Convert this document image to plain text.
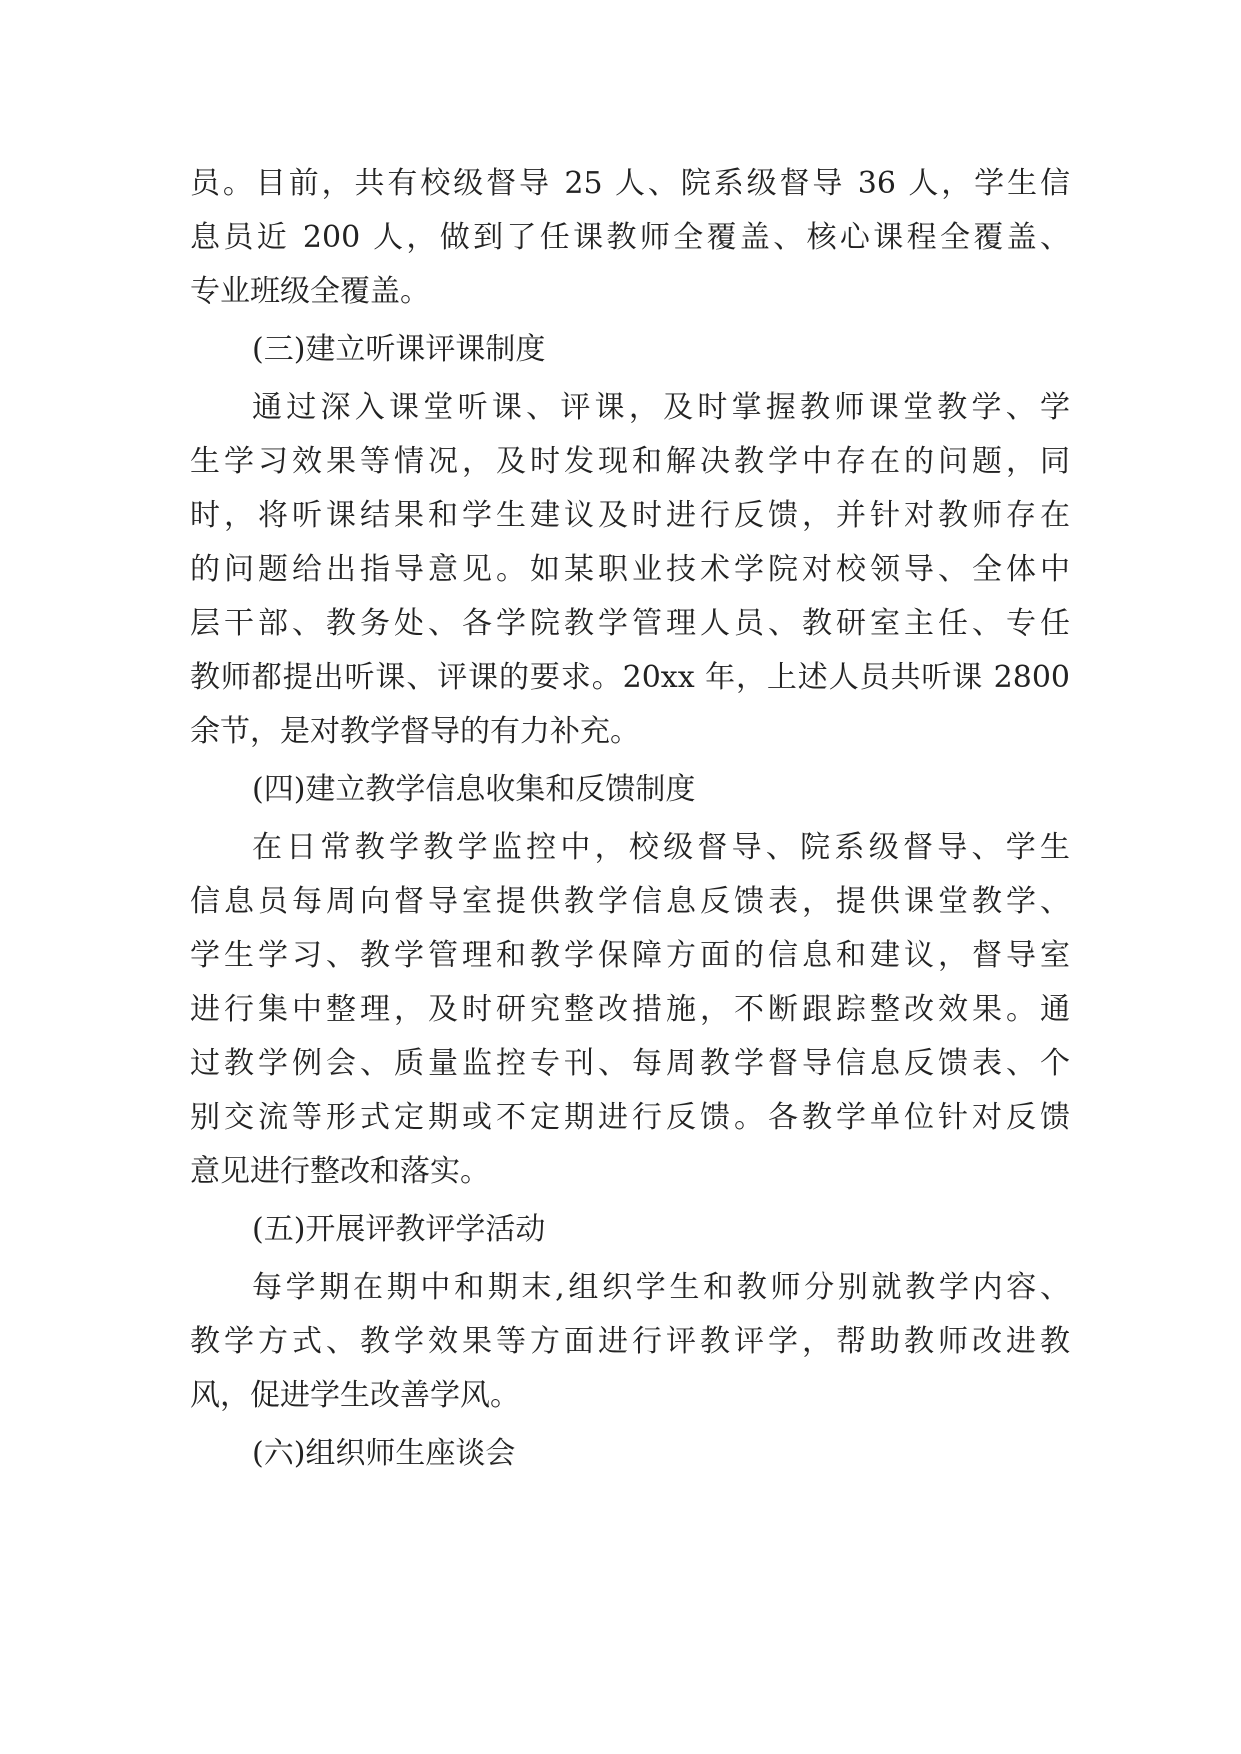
员。目前，共有校级督导 25 人、院系级督导 36 人，学生信
息员近 200 人，做到了任课教师全覆盖、核心课程全覆盖、
专业班级全覆盖。
(三)建立听课评课制度
通过深入课堂听课、评课，及时掌握教师课堂教学、学
生学习效果等情况，及时发现和解决教学中存在的问题，同
时，将听课结果和学生建议及时进行反馈，并针对教师存在
的问题给出指导意见。如某职业技术学院对校领导、全体中
层干部、教务处、各学院教学管理人员、教研室主任、专任
教师都提出听课、评课的要求。20xx 年，上述人员共听课 2800
余节，是对教学督导的有力补充。
(四)建立教学信息收集和反馈制度
在日常教学教学监控中，校级督导、院系级督导、学生
信息员每周向督导室提供教学信息反馈表，提供课堂教学、
学生学习、教学管理和教学保障方面的信息和建议，督导室
进行集中整理，及时研究整改措施，不断跟踪整改效果。通
过教学例会、质量监控专刊、每周教学督导信息反馈表、个
别交流等形式定期或不定期进行反馈。各教学单位针对反馈
意见进行整改和落实。
(五)开展评教评学活动
每学期在期中和期末,组织学生和教师分别就教学内容、
教学方式、教学效果等方面进行评教评学，帮助教师改进教
风，促进学生改善学风。
(六)组织师生座谈会
